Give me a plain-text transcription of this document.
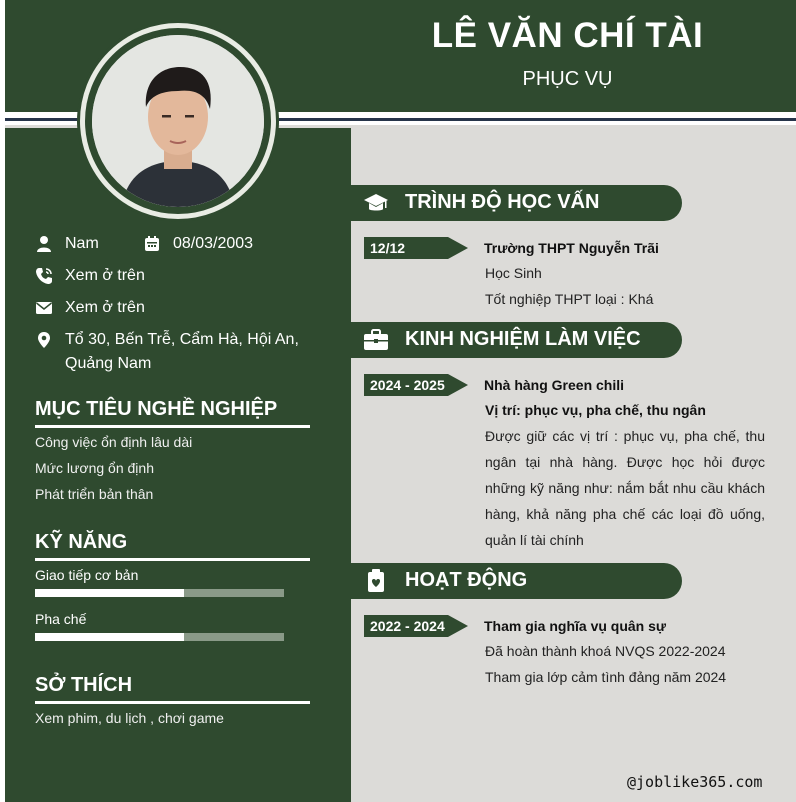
LÊ VĂN CHÍ TÀI
PHỤC VỤ
Nam	08/03/2003
Xem ở trên
Xem ở trên
Tổ 30, Bến Trễ, Cẩm Hà, Hội An,
Quảng Nam
MỤC TIÊU NGHỀ NGHIỆP
Công việc ổn định lâu dài
Mức lương ổn định
Phát triển bản thân
KỸ NĂNG
Giao tiếp cơ bản
Pha chế
SỞ THÍCH
Xem phim, du lịch , chơi game
TRÌNH ĐỘ HỌC VẤN
12/12	Trường THPT Nguyễn Trãi
Học Sinh
Tốt nghiệp THPT loại : Khá
KINH NGHIỆM LÀM VIỆC
2024 - 2025	Nhà hàng Green chili
Vị trí: phục vụ, pha chế, thu ngân
Được giữ các vị trí : phục vụ, pha chế, thu ngân tại nhà hàng. Được học hỏi được những kỹ năng như: nắm bắt nhu cầu khách hàng, khả năng pha chế các loại đồ uống, quản lí tài chính
HOẠT ĐỘNG
2022 - 2024	Tham gia nghĩa vụ quân sự
Đã hoàn thành khoá NVQS 2022-2024
Tham gia lớp cảm tình đảng năm 2024
@joblike365.com
